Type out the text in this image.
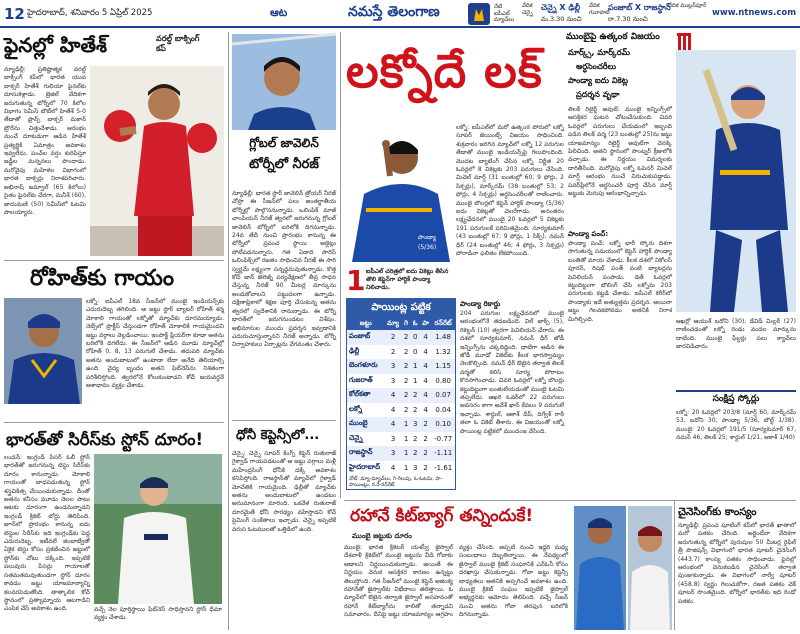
12 హైదరాబాద్, శనివారం 5 ఏప్రిల్ 2025	ఆట	నమస్తే తెలంగాణ	నేటి ఐపీఎల్ మ్యాచ్‌లు
వేదిక చెన్నై
చెన్నై X ఢిల్లీ
మ.3.30 నుంచి
వేదిక గువాహటి
పంజాబ్ X రాజస్థాన్
రా.7.30 నుంచి
వేదిక ముల్లన్‌పూర్
www.ntnews.com
ఫైనల్లో హితేశ్	వరల్డ్ బాక్సింగ్ కప్
న్యూఢిల్లీ: ప్రతిష్టాత్మక వరల్డ్ బాక్సింగ్ కప్‌లో భారత యువ బాక్సర్ హితేశ్ గులియా ఫైనల్‌కు దూసుకెళ్లాడు. బ్రెజిల్ వేదికగా జరుగుతున్న టోర్నీలో 70 కిలోల విభాగం సెమీస్ బౌట్‌లో హితేశ్ 5-0 తేడాతో ఫ్రాన్స్ బాక్సర్ మకాన్ ట్రౌరేను చిత్తుచేశాడు. ఆరంభం నుంచే దూకుడుగా ఆడిన హితేశ్ ప్రత్యర్థికి ఏమాత్రం అవకాశం ఇవ్వలేదు. పంచ్‌ల వర్షం కురిపిస్తూ జడ్జీల మన్ననలు పొందాడు. మరోవైపు మహిళల విభాగంలో భారత బాక్సర్లు నిరాశపరిచారు. అభినాష్ జమ్వాల్ (65 కిలోలు) సైతం ఫైనల్‌కు చేరగా, మనీశ్ (60), జాదుమణి (50) సెమీస్‌లో ఓటమి పాలయ్యారు.
రోహిత్‌కు గాయం
లక్నో: ఐపీఎల్ 18వ సీజన్‌లో ముంబై ఇండియన్స్‌కు ఎదురుదెబ్బ తగిలింది. ఆ జట్టు స్టార్ బ్యాటర్ రోహిత్ శర్మ మోకాలి గాయంతో లక్నోతో మ్యాచ్‌కు దూరమయ్యాడు. నెట్స్‌లో ప్రాక్టీస్ చేస్తుండగా రోహిత్ మోకాలికి గాయమైందని జట్టు వర్గాలు వెల్లడించాయి. ఇంపాక్ట్ ప్లేయర్‌గా కూడా అతను బరిలోకి దిగలేదు. ఈ సీజన్‌లో ఆడిన మూడు మ్యాచ్‌ల్లో రోహిత్ 0, 8, 13 పరుగులే చేశాడు. తదుపరి మ్యాచ్‌కు అతను అందుబాటులో ఉంటాడా లేదా అనేది తెలియాల్సి ఉంది. వైద్య బృందం అతని ఫిట్‌నెస్‌ను నిశితంగా పరిశీలిస్తోంది. త్వరలోనే కోలుకుంటాడని కోచ్ జయవర్ధనే ఆశాభావం వ్యక్తం చేశాడు.
భారత్‌తో సిరీస్‌కు స్టోన్ దూరం!
లండన్: ఇంగ్లండ్ పేసర్ ఓలీ స్టోన్ భారత్‌తో జరుగనున్న టెస్టు సిరీస్‌కు దూరం కానున్నాడు. మోకాలి గాయంతో బాధపడుతున్న స్టోన్ శస్త్రచికిత్స చేయించుకున్నాడు. దీంతో అతను కనీసం మూడు నెలల పాటు ఆటకు దూరంగా ఉండనున్నాడని ఇంగ్లండ్ క్రికెట్ బోర్డు తెలిపింది. జూన్‌లో ప్రారంభం కానున్న ఐదు టెస్టుల సిరీస్‌కు ఇది ఇంగ్లండ్‌కు పెద్ద ఎదురుదెబ్బ. ఇటీవలే జింబాబ్వేతో ఏకైక టెస్టు కోసం ప్రకటించిన జట్టులో స్టోన్‌కు చోటు దక్కింది. ఇప్పటికే పలువురు పేసర్లు గాయాలతో సతమతమవుతుండగా స్టోన్ దూరం కావడం జట్టు యాజమాన్యాన్ని కలవరపెడుతోంది. తాత్కాలిక కోచ్ స్థానంలో ప్రత్యామ్నాయ ఆటగాడిని ఎంపిక చేసే అవకాశం ఉంది.	వచ్చే నెల పూర్తిస్థాయి ఫిట్‌నెస్ సాధిస్తానని స్టోన్ ధీమా వ్యక్తం చేశాడు.
గ్లోబల్ జావెలిన్
టోర్నీలో నీరజ్
న్యూఢిల్లీ: భారత స్టార్ జావెలిన్ త్రోయర్ నీరజ్ చోప్రా ఈ సీజన్‌లో పలు అంతర్జాతీయ టోర్నీల్లో పాల్గొననున్నాడు. ఒలింపిక్ మాజీ చాంపియన్ నీరజ్ త్వరలో జరుగనున్న గ్లోబల్ జావెలిన్ టోర్నీలో బరిలోకి దిగనున్నాడు. 24వ తేదీ నుంచి ప్రారంభం కానున్న ఈ టోర్నీలో ప్రపంచ స్థాయి అథ్లెట్లు పోటీపడనున్నారు. గత ఏడాది పారిస్ ఒలింపిక్స్‌లో రజతం సాధించిన నీరజ్ ఈ సారి స్వర్ణమే లక్ష్యంగా సన్నద్ధమవుతున్నాడు. కొత్త కోచ్ జాన్ జెలెజ్నీ పర్యవేక్షణలో తీవ్ర సాధన చేస్తున్న నీరజ్ 90 మీటర్ల మార్కును అందుకోవాలని పట్టుదలగా ఉన్నాడు. దక్షిణాఫ్రికాలో శిక్షణ పూర్తి చేసుకున్న అతను త్వరలో స్వదేశానికి రానున్నాడు. ఈ టోర్నీ భారత్‌లో జరుగనుండటం విశేషం. అభిమానుల ముందు ప్రదర్శన ఇవ్వడానికి ఎదురుచూస్తున్నానని నీరజ్ అన్నాడు. టోర్నీ నిర్వాహకులు ఏర్పాట్లను వేగవంతం చేశారు.
ధోనీ కెప్టెన్సీలో...
చెన్నై: చెన్నై సూపర్ కింగ్స్ కెప్టెన్ రుతురాజ్ గైక్వాడ్ గాయపడటంతో ఆ జట్టు పగ్గాలు మళ్లీ మహేంద్రసింగ్ ధోనీకి దక్కే అవకాశం కనిపిస్తోంది. రాజస్థాన్‌తో మ్యాచ్‌లో గైక్వాడ్ మోచేతికి గాయమైంది. ఢిల్లీతో మ్యాచ్‌కు అతను అందుబాటులో ఉండటం అనుమానంగా మారింది. ఒకవేళ రుతురాజ్ దూరమైతే ధోనీ సారథ్యం వహిస్తాడని కోచ్ ఫ్లెమింగ్ సంకేతాలు ఇచ్చాడు. చెన్నై ఇప్పటికే వరుస ఓటములతో ఒత్తిడిలో ఉంది.
ముంబైపై ఉత్కంఠ విజయం
లక్నోదే లక్	మార్క్స్, మార్క్‌రమ్
అర్ధసెంచరీలు
పాండ్యా ఐదు వికెట్ల
ప్రదర్శన వృథా
పాండ్యా
(5/36)
లక్నో: ఐపీఎల్‌లో మరో ఉత్కంఠ పోరులో లక్నో సూపర్ జెయింట్స్ విజయం సాధించింది. శుక్రవారం జరిగిన మ్యాచ్‌లో లక్నో 12 పరుగుల తేడాతో ముంబై ఇండియన్స్‌పై గెలుపొందింది. మొదట బ్యాటింగ్ చేసిన లక్నో నిర్ణీత 20 ఓవర్లలో 8 వికెట్లకు 203 పరుగులు చేసింది. మిచెల్ మార్ష్ (31 బంతుల్లో 60; 9 ఫోర్లు, 2 సిక్సర్లు), మార్క్‌రమ్ (38 బంతుల్లో 53; 2 ఫోర్లు, 4 సిక్సర్లు) అర్ధసెంచరీలతో రాణించారు. ముంబై బౌలర్లలో కెప్టెన్ హార్దిక్ పాండ్యా (5/36) ఐదు వికెట్లతో చెలరేగాడు. అనంతరం లక్ష్యఛేదనలో ముంబై 20 ఓవర్లలో 5 వికెట్లకు 191 పరుగులకే పరిమితమైంది. సూర్యకుమార్ (43 బంతుల్లో 67; 9 ఫోర్లు, 1 సిక్స్), నమన్ ధీర్ (24 బంతుల్లో 46; 4 ఫోర్లు, 3 సిక్సర్లు) పోరాడినా ఫలితం లేకపోయింది.
1 ఐపీఎల్ చరిత్రలో ఐదు వికెట్లు తీసిన తొలి కెప్టెన్‌గా హార్దిక్ పాండ్యా నిలిచాడు.
పాయింట్ల పట్టిక
జట్టు	మ్యా	గె	ఓ	పా	రన్‌రేట్
పంజాబ్	2	2	0	4	1.48
ఢిల్లీ	2	2	0	4	1.32
బెంగళూరు	3	2	1	4	1.15
గుజరాత్	3	2	1	4	0.80
కోల్‌కతా	4	2	2	4	0.07
లక్నో	4	2	2	4	0.04
ముంబై	4	1	3	2	0.10
చెన్నై	3	1	2	2	-0.77
రాజస్థాన్	3	1	2	2	-1.11
హైదరాబాద్	4	1	3	2	-1.61
నోట్: మ్యా-మ్యాచ్‌లు, గె-గెలుపు, ఓ-ఓటమి, పా-పాయింట్లు, ర.రే-రన్‌రేట్
పాండ్యా రికార్డు
204 పరుగుల లక్ష్యఛేదనలో ముంబై ఆరంభంలోనే తడబడింది. విల్ జాక్స్ (5), రికెల్టన్ (10) త్వరగా పెవిలియన్ చేరారు. ఈ దశలో సూర్యకుమార్, నమన్ ధీర్ జోడీ ఇన్నింగ్స్‌ను చక్కదిద్దింది. ధాటిగా ఆడిన ఈ జోడీ మూడో వికెట్‌కు కీలక భాగస్వామ్యం నెలకొల్పింది. నమన్ ధీర్ ఔటైన తర్వాత తిలక్ వర్మతో కలిసి సూర్య పోరాటం కొనసాగించాడు. చివరి ఓవర్లలో లక్నో బౌలర్లు కట్టుదిట్టంగా బంతులేయడంతో ముంబై ఓటమి తప్పలేదు. ఆఖరి ఓవర్‌లో 22 పరుగులు అవసరం కాగా అవేశ్ ఖాన్ కేవలం 9 పరుగులే ఇచ్చాడు. శార్దుల్, ఆకాశ్ దీప్, దిగ్వేశ్ రాఠీ తలా ఓ వికెట్ తీశారు. ఈ విజయంతో లక్నో పాయింట్ల పట్టికలో ముందంజ వేసింది.
తిలక్ రిటైర్డ్ అవుట్: ముంబై ఇన్నింగ్స్‌లో ఆసక్తికర ఘటన చోటుచేసుకుంది. చివరి ఓవర్లలో పరుగులు చేయడంలో ఇబ్బంది పడిన తిలక్ వర్మ (23 బంతుల్లో 25)ను జట్టు యాజమాన్యం రిటైర్డ్ అవుట్‌గా వెనక్కి పిలిచింది. అతని స్థానంలో సాంట్నర్ క్రీజులోకి వచ్చాడు. ఈ నిర్ణయం విమర్శలకు దారితీసింది. మరోవైపు లక్నో ఓపెనర్ మిచెల్ మార్ష్ ఆరంభం నుంచే విరుచుకుపడ్డాడు. పవర్‌ప్లేలోనే అర్ధసెంచరీ పూర్తి చేసిన మార్ష్ జట్టుకు మెరుపు ఆరంభాన్నిచ్చాడు.
పాండ్యా పంచ్:
పాండ్యా పంచ్: లక్నో భారీ స్కోరు దిశగా సాగుతున్న సమయంలో కెప్టెన్ హార్దిక్ పాండ్యా బంతితో మాయ చేశాడు. కీలక దశలో నికోలస్ పూరన్, రిషభ్ పంత్ వంటి బ్యాటర్లను పెవిలియన్ పంపాడు. డెత్ ఓవర్లలో కట్టుదిట్టంగా బౌలింగ్ చేసి లక్నోను 203 పరుగులకు కట్టడి చేశాడు. ఐపీఎల్ కెరీర్‌లో పాండ్యాకు ఇదే అత్యుత్తమ ప్రదర్శన. అయినా జట్టు గెలవకపోవడం అతనికి నిరాశ మిగిల్చింది.	ఆఖర్లో ఆయుశ్ బదోని (30), డేవిడ్ మిల్లర్ (27) రాణించడంతో లక్నో రెండు వందల మార్కును దాటింది. ముంబై ఫీల్డర్లు పలు క్యాచ్‌లు జారవిడిచారు.
సంక్షిప్త స్కోర్లు
లక్నో: 20 ఓవర్లలో 203/8 (మార్ష్ 60, మార్క్‌రమ్ 53, బదోని 30; పాండ్యా 5/36, బౌల్ట్ 1/38). ముంబై: 20 ఓవర్లలో 191/5 (సూర్యకుమార్ 67, నమన్ 46, తిలక్ 25; శార్దుల్ 1/21, ఆకాశ్ 1/40)
రహానే కిట్‌బ్యాగ్ తన్నిందుకే!
ముంబై జట్టుకు దూరం
ముంబై: భారత క్రికెటర్ యశస్వీ జైస్వాల్ దేశవాళీ క్రికెట్‌లో ముంబై జట్టును వీడి గోవాకు ఆడాలని నిర్ణయించుకున్నాడు. అయితే ఈ నిర్ణయం వెనుక ఆసక్తికర కారణం ఉన్నట్టు తెలుస్తోంది. గత సీజన్‌లో ముంబై కెప్టెన్ అజింక్య రహానేతో జైస్వాల్‌కు విభేదాలు తలెత్తాయి. ఓ మ్యాచ్‌లో ఔటైన తర్వాత జైస్వాల్ అసహనంతో రహానే కిట్‌బ్యాగ్‌ను కాలితో తన్నాడని సమాచారం. దీనిపై జట్టు యాజమాన్యం ఆగ్రహం వ్యక్తం చేసింది. అప్పటి నుంచి ఇద్దరి మధ్య సంబంధాలు దెబ్బతిన్నాయి. ఈ నేపథ్యంలో జైస్వాల్ ముంబై క్రికెట్ సంఘానికి ఎన్‌ఓసీ కోసం దరఖాస్తు చేసుకున్నాడు. గోవా జట్టు కెప్టెన్సీ బాధ్యతలు అతనికి అప్పగించే అవకాశం ఉంది. ముంబై క్రికెట్ సంఘం ఇప్పటికే జైస్వాల్ అభ్యర్థనకు ఆమోదం తెలిపింది. వచ్చే సీజన్ నుంచి అతను గోవా తరఫున బరిలోకి దిగనున్నాడు.
చైనెసింగ్‌కు కాంస్యం
న్యూఢిల్లీ: ప్రపంచ షూటింగ్ కప్‌లో భారత్ ఖాతాలో మరో పతకం చేరింది. అర్జెంటీనా వేదికగా జరుగుతున్న టోర్నీలో పురుషుల 50 మీటర్ల రైఫిల్ త్రీ పొజిషన్స్ విభాగంలో భారత షూటర్ చైనెసింగ్ (443.7) కాంస్య పతకం సాధించాడు. ఫైనల్లో ఆరంభంలో వెనుకబడిన చైనెసింగ్ తర్వాత పుంజుకున్నాడు. ఈ విభాగంలో నార్వే షూటర్ (458.8) స్వర్ణం గెలుచుకోగా, రజత పతకం చెక్ షూటర్ సొంతమైంది. టోర్నీలో భారత్‌కు ఇది రెండో పతకం.
